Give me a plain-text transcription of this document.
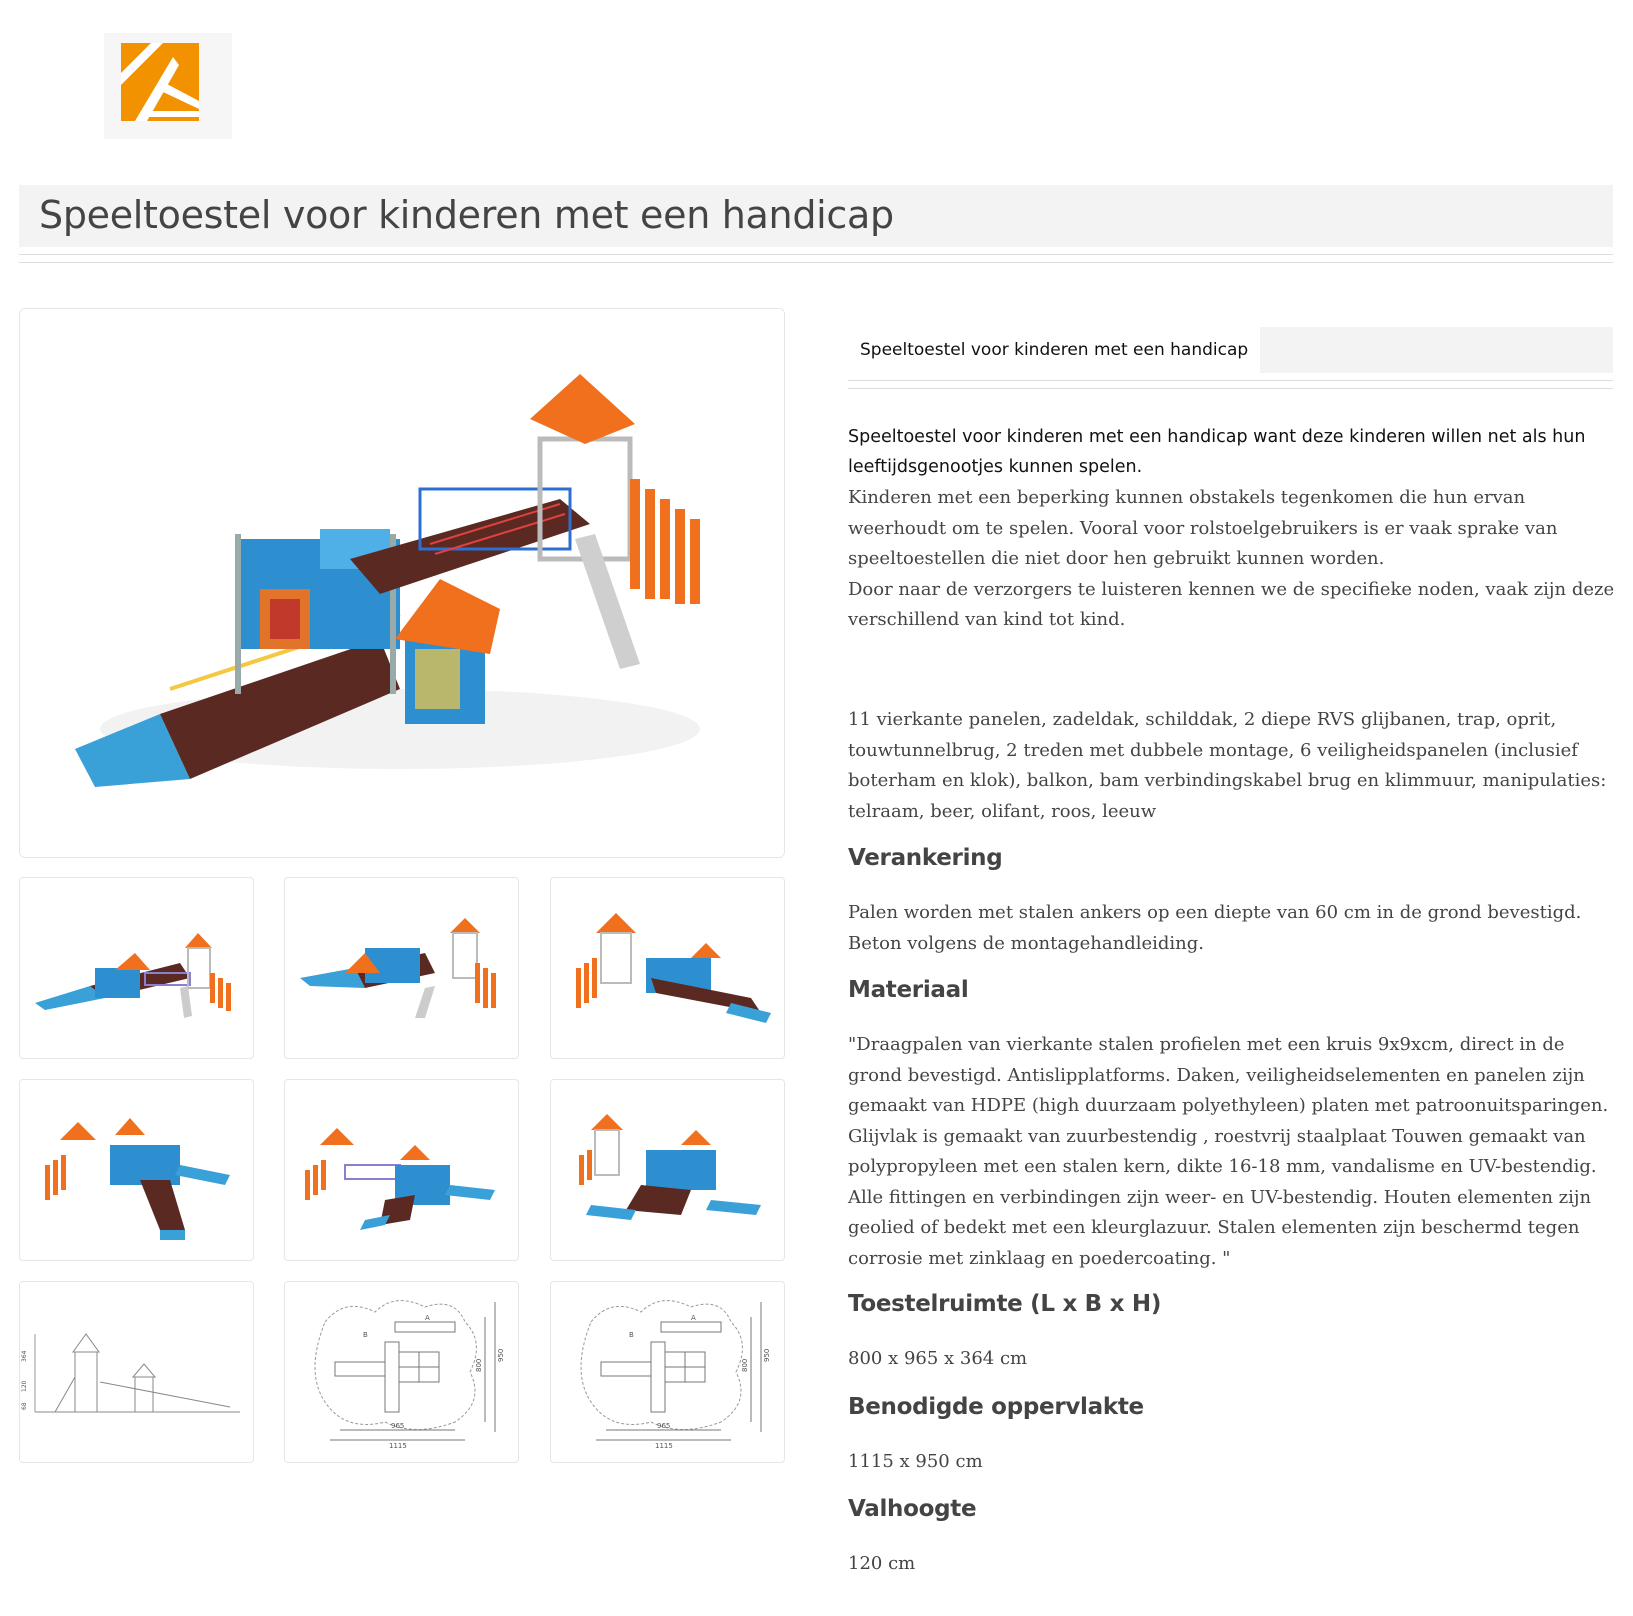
Speeltoestel voor kinderen met een handicap
364
120
68
A
B
1115
965
950
800
A
B
1115
965
950
800
Speeltoestel voor kinderen met een handicap
Speeltoestel voor kinderen met een handicap want deze kinderen willen net als hun leeftijdsgenootjes kunnen spelen.

Kinderen met een beperking kunnen obstakels tegenkomen die hun ervan weerhoudt om te spelen. Vooral voor rolstoelgebruikers is er vaak sprake van speeltoestellen die niet door hen gebruikt kunnen worden.

Door naar de verzorgers te luisteren kennen we de specifieke noden, vaak zijn deze verschillend van kind tot kind.

11 vierkante panelen, zadeldak, schilddak, 2 diepe RVS glijbanen, trap, oprit, touwtunnelbrug, 2 treden met dubbele montage, 6 veiligheidspanelen (inclusief boterham en klok), balkon, bam verbindingskabel brug en klimmuur, manipulaties: telraam, beer, olifant, roos, leeuw
Verankering
Palen worden met stalen ankers op een diepte van 60 cm in de grond bevestigd. Beton volgens de montagehandleiding.
Materiaal
"Draagpalen van vierkante stalen profielen met een kruis 9x9xcm, direct in de grond bevestigd. Antislipplatforms. Daken, veiligheidselementen en panelen zijn gemaakt van HDPE (high duurzaam polyethyleen) platen met patroonuitsparingen. Glijvlak is gemaakt van zuurbestendig , roestvrij staalplaat Touwen gemaakt van polypropyleen met een stalen kern, dikte 16-18 mm, vandalisme en UV-bestendig. Alle fittingen en verbindingen zijn weer- en UV-bestendig. Houten elementen zijn geolied of bedekt met een kleurglazuur. Stalen elementen zijn beschermd tegen corrosie met zinklaag en poedercoating. "
Toestelruimte (L x B x H)
800 x 965 x 364 cm
Benodigde oppervlakte
1115 x 950 cm
Valhoogte
120 cm
